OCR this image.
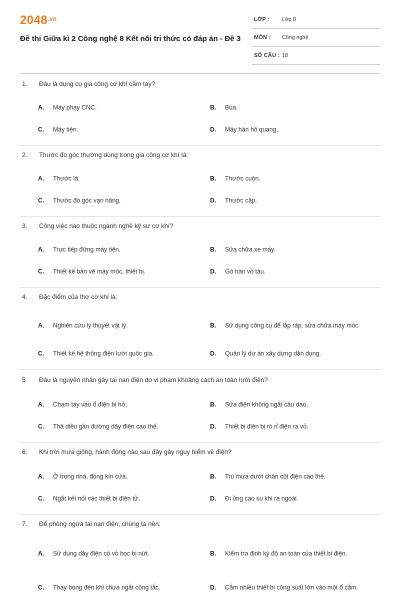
$2048^{.vn}$
Đề thi Giữa kì 2 Công nghệ 8 Kết nối tri thức có đáp án - Đề 3
LỚP : Lớp 8
MÔN : Công nghệ
SỐ CÂU : 18
1. Đâu là dụng cụ gia công cơ khí cầm tay?
A. Máy phay CNC.	B. Búa.
C. Máy tiện.	D. Máy hàn hồ quang.
2. Thước đo góc thường dùng trong gia công cơ khí là:
A. Thước lá.	B. Thước cuộn.
C. Thước đo góc vạn năng.	D. Thước cặp.
3. Công việc nào thuộc ngành nghề kỹ sư cơ khí?
A. Trực tiếp đứng máy tiện.	B. Sửa chữa xe máy.
C. Thiết kế bản vẽ máy móc, thiết bị.	D. Gò hàn vỏ tàu.
4. Đặc điểm của thợ cơ khí là:
A. Nghiên cứu lý thuyết vật lý.	B. Sử dụng công cụ để lắp ráp, sửa chữa máy móc.
C. Thiết kế hệ thống điện lưới quốc gia.	D. Quản lý dự án xây dựng dân dụng.
5. Đâu là nguyên nhân gây tai nạn điện do vi phạm khoảng cách an toàn lưới điện?
A. Chạm tay vào ổ điện bị hở.	B. Sửa điện không ngắt cầu dao.
C. Thả diều gần đường dây điện cao thế.	D. Thiết bị điện bị rò rỉ điện ra vỏ.
6. Khi trời mưa giông, hành động nào sau đây gây nguy hiểm về điện?
A. Ở trong nhà, đóng kín cửa.	B. Trú mưa dưới chân cột điện cao thế.
C. Ngắt kết nối các thiết bị điện tử.	D. Đi ủng cao su khi ra ngoài.
7. Để phòng ngừa tai nạn điện, chúng ta nên:
A. Sử dụng dây điện có vỏ bọc bị nứt.	B. Kiểm tra định kỳ độ an toàn của thiết bị điện.
C. Thay bóng đèn khi chưa ngắt công tắc.	D. Cắm nhiều thiết bị công suất lớn vào một ổ cắm.
